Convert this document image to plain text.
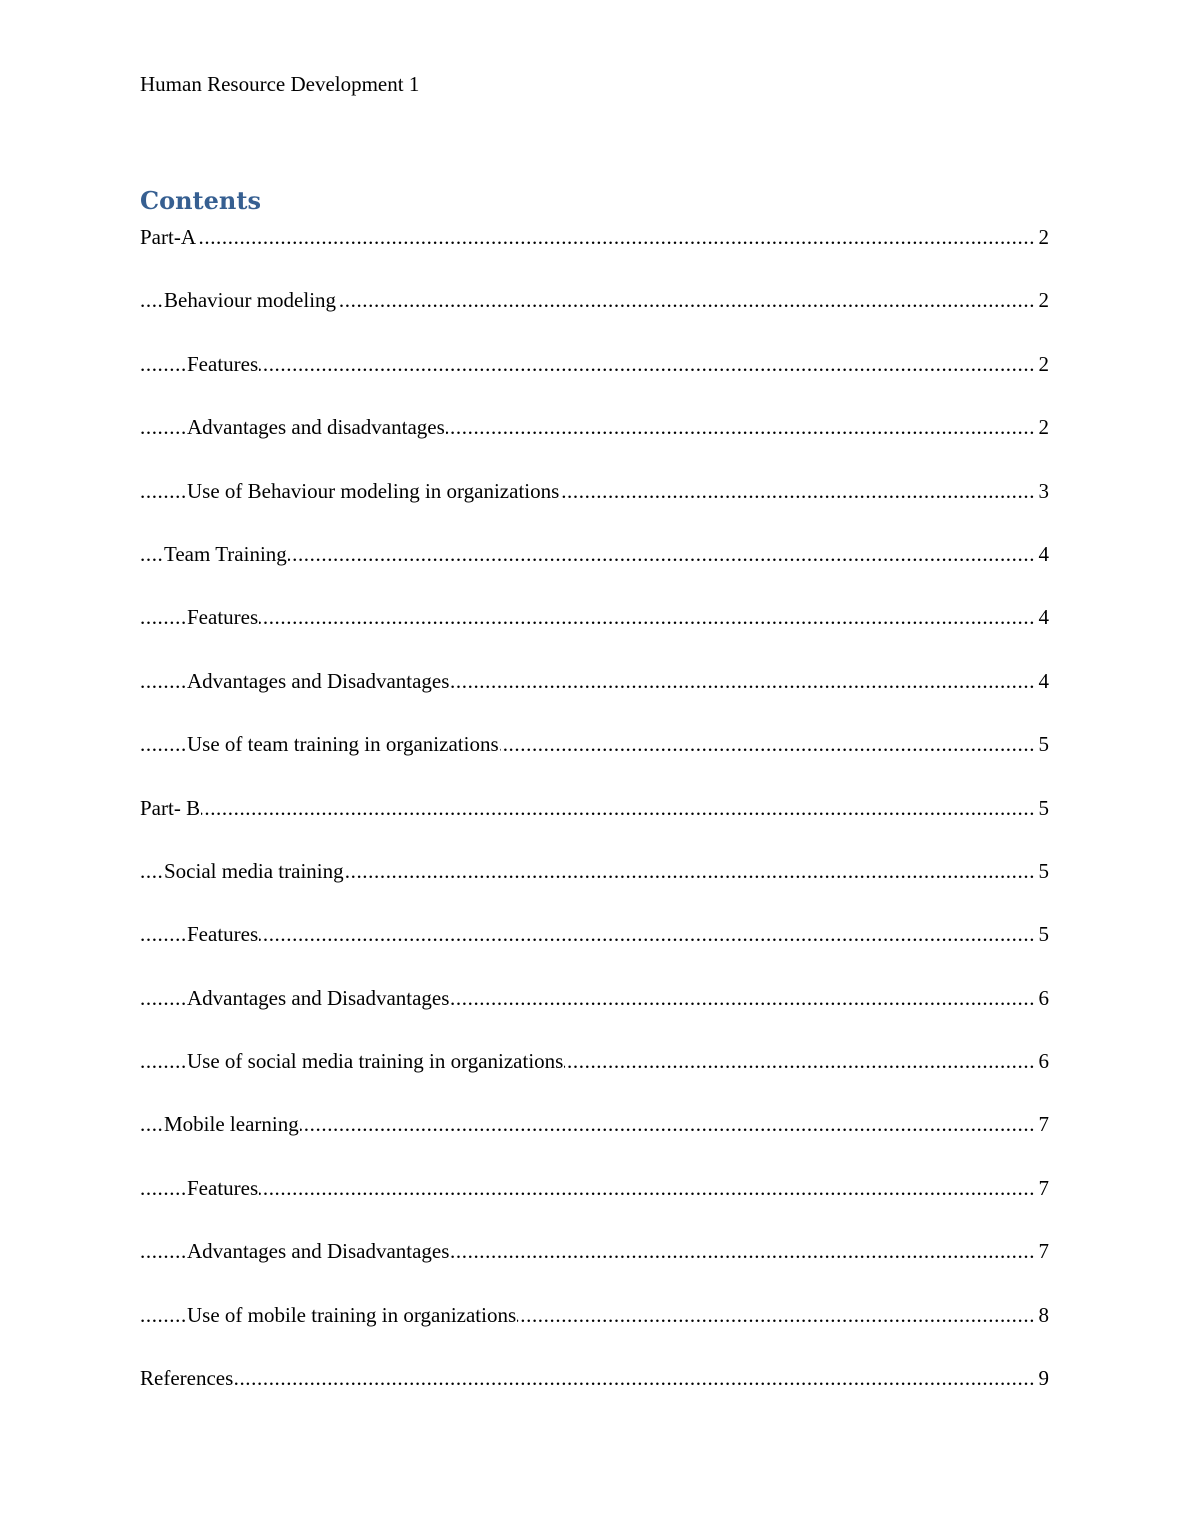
Human Resource Development 1
Contents
.....
Part-A	2
.....
Behaviour modeling	2
.....
Features	2
.....
Advantages and disadvantages	2
.....
Use of Behaviour modeling in organizations	3
.....
Team Training	4
.....
Features	4
.....
Advantages and Disadvantages	4
.....
Use of team training in organizations	5
.....
Part- B	5
.....
Social media training	5
.....
Features	5
.....
Advantages and Disadvantages	6
.....
Use of social media training in organizations	6
.....
Mobile learning	7
.....
Features	7
.....
Advantages and Disadvantages	7
.....
Use of mobile training in organizations	8
.....
References	9
